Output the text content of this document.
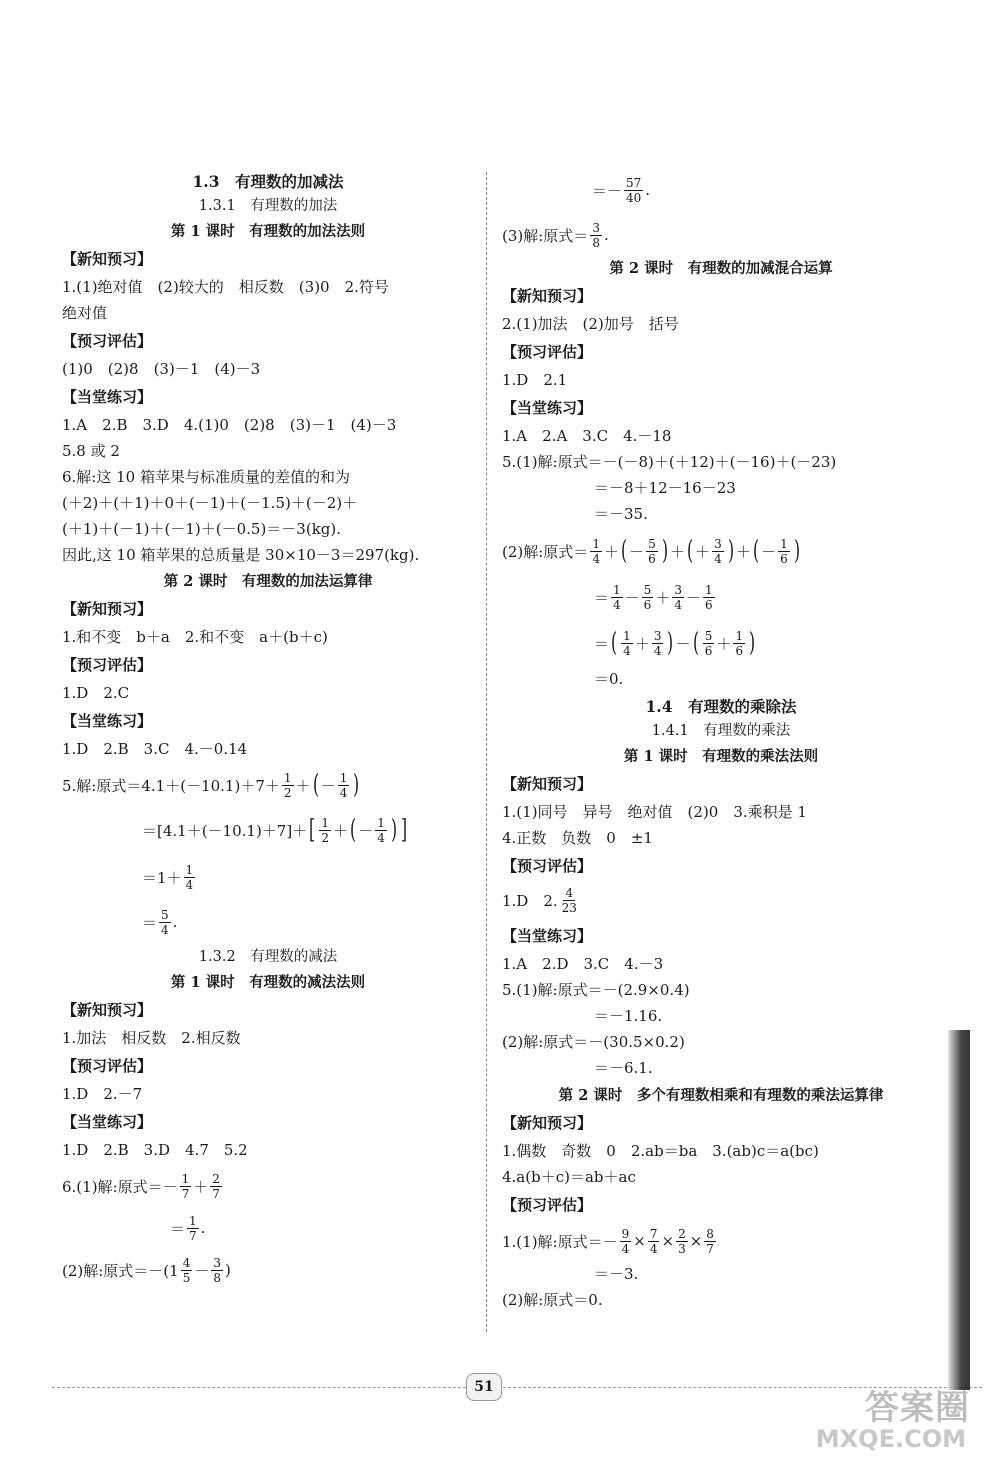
1.3　有理数的加减法
1.3.1　有理数的加法
第 1 课时　有理数的加法法则
【新知预习】
1.(1)绝对值　(2)较大的　相反数　(3)0　2.符号
绝对值
【预习评估】
(1)0　(2)8　(3)－1　(4)－3
【当堂练习】
1.A　2.B　3.D　4.(1)0　(2)8　(3)－1　(4)－3
5.8 或 2
6.解:这 10 箱苹果与标准质量的差值的和为
(＋2)＋(＋1)＋0＋(－1)＋(－1.5)＋(－2)＋
(＋1)＋(－1)＋(－1)＋(－0.5)＝－3(kg).
因此,这 10 箱苹果的总质量是 30×10－3＝297(kg).
第 2 课时　有理数的加法运算律
【新知预习】
1.和不变　b＋a　2.和不变　a＋(b＋c)
【预习评估】
1.D　2.C
【当堂练习】
1.D　2.B　3.C　4.－0.14
5.解:原式$=4.1+(-10.1)+7+ \frac{1}{2}$ ＋ ( － $\frac{1}{4}$ )
＝[4.1＋(－10.1)＋7]＋ [ $\frac{1}{2}$ ＋ ( － $\frac{1}{4}$ ) ]
$=1+ \frac{1}{4}$
＝ $\frac{5}{4}$ .
1.3.2　有理数的减法
第 1 课时　有理数的减法法则
【新知预习】
1.加法　相反数　2.相反数
【预习评估】
1.D　2.－7
【当堂练习】
1.D　2.B　3.D　4.7　5.2
6.(1)解:原式＝－ $\frac{1}{7} + \frac{2}{7}$
＝ $\frac{1}{7}$ .
(2)解:原式$=-(1 \frac{4}{5} - \frac{3}{8}$ )
＝－ $\frac{57}{40}$ .
(3)解:原式＝ $\frac{3}{8}$ .
第 2 课时　有理数的加减混合运算
【新知预习】
2.(1)加法　(2)加号　括号
【预习评估】
1.D　2.1
【当堂练习】
1.A　2.A　3.C　4.－18
5.(1)解:原式＝－(－8)＋(＋12)＋(－16)＋(－23)
＝－8＋12－16－23
＝－35.
(2)解:原式＝ $\frac{1}{4}$ ＋ ( － $\frac{5}{6}$ ) ＋ ( ＋ $\frac{3}{4}$ ) ＋ ( － $\frac{1}{6}$ )
＝ $\frac{1}{4} - \frac{5}{6} + \frac{3}{4} - \frac{1}{6}$
＝ ( $\frac{1}{4} + \frac{3}{4}$ ) － ( $\frac{5}{6} + \frac{1}{6}$ )
＝0.
1.4　有理数的乘除法
1.4.1　有理数的乘法
第 1 课时　有理数的乘法法则
【新知预习】
1.(1)同号　异号　绝对值　(2)0　3.乘积是 1
4.正数　负数　0　±1
【预习评估】
1.D　2. $\frac{4}{23}$
【当堂练习】
1.A　2.D　3.C　4.－3
5.(1)解:原式＝－(2.9×0.4)
＝－1.16.
(2)解:原式＝－(30.5×0.2)
＝－6.1.
第 2 课时　多个有理数相乘和有理数的乘法运算律
【新知预习】
1.偶数　奇数　0　2.ab＝ba　3.(ab)c＝a(bc)
4.a(b＋c)＝ab＋ac
【预习评估】
1.(1)解:原式＝－ $\frac{9}{4} \times \frac{7}{4} \times \frac{2}{3} \times \frac{8}{7}$
＝－3.
(2)解:原式＝0.
51
答案圈
MXQE.COM
